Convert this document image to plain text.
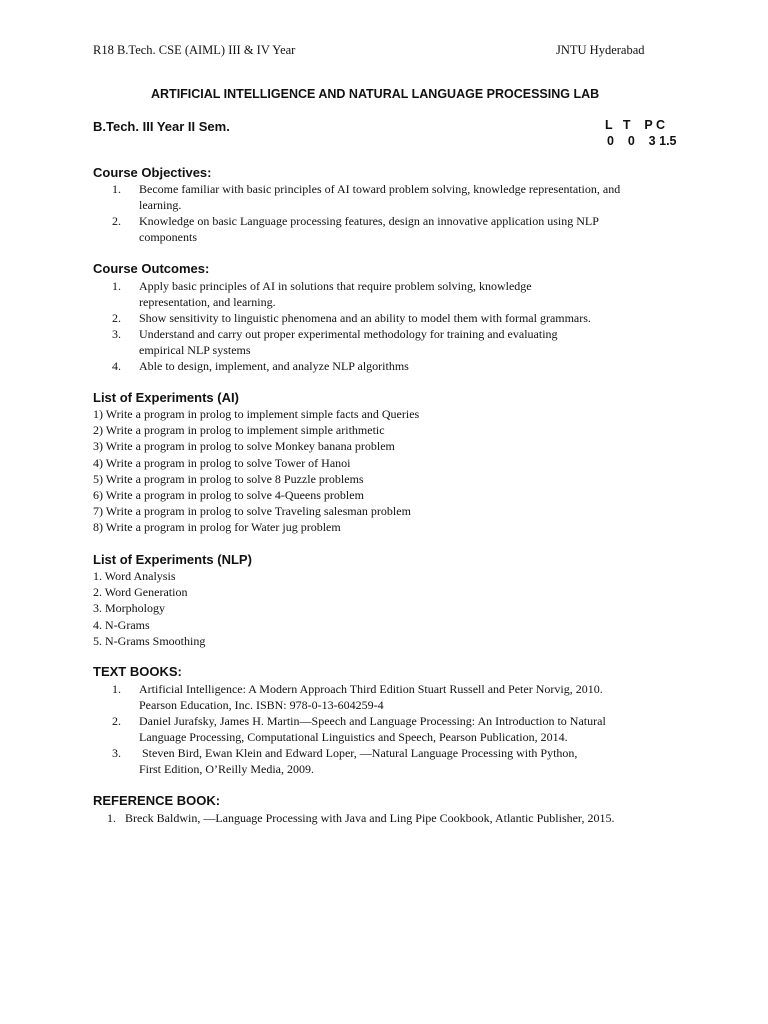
R18 B.Tech. CSE (AIML) III & IV Year	JNTU Hyderabad
ARTIFICIAL INTELLIGENCE AND NATURAL LANGUAGE PROCESSING LAB
B.Tech. III Year II Sem.	L   T    P C
0    0    3 1.5
Course Objectives:
1.	Become familiar with basic principles of AI toward problem solving, knowledge representation, and
learning.
2.	Knowledge on basic Language processing features, design an innovative application using NLP
components
Course Outcomes:
1.	Apply basic principles of AI in solutions that require problem solving, knowledge
representation, and learning.
2.	Show sensitivity to linguistic phenomena and an ability to model them with formal grammars.
3.	Understand and carry out proper experimental methodology for training and evaluating
empirical NLP systems
4.	Able to design, implement, and analyze NLP algorithms
List of Experiments (AI)
1) Write a program in prolog to implement simple facts and Queries
2) Write a program in prolog to implement simple arithmetic
3) Write a program in prolog to solve Monkey banana problem
4) Write a program in prolog to solve Tower of Hanoi
5) Write a program in prolog to solve 8 Puzzle problems
6) Write a program in prolog to solve 4-Queens problem
7) Write a program in prolog to solve Traveling salesman problem
8) Write a program in prolog for Water jug problem
List of Experiments (NLP)
1. Word Analysis
2. Word Generation
3. Morphology
4. N-Grams
5. N-Grams Smoothing
TEXT BOOKS:
1.	Artificial Intelligence: A Modern Approach Third Edition Stuart Russell and Peter Norvig, 2010.
Pearson Education, Inc. ISBN: 978-0-13-604259-4
2.	Daniel Jurafsky, James H. Martin—Speech and Language Processing: An Introduction to Natural
Language Processing, Computational Linguistics and Speech, Pearson Publication, 2014.
3.	Steven Bird, Ewan Klein and Edward Loper, —Natural Language Processing with Python,
First Edition, O’Reilly Media, 2009.
REFERENCE BOOK:
1. Breck Baldwin, —Language Processing with Java and Ling Pipe Cookbook, Atlantic Publisher, 2015.
